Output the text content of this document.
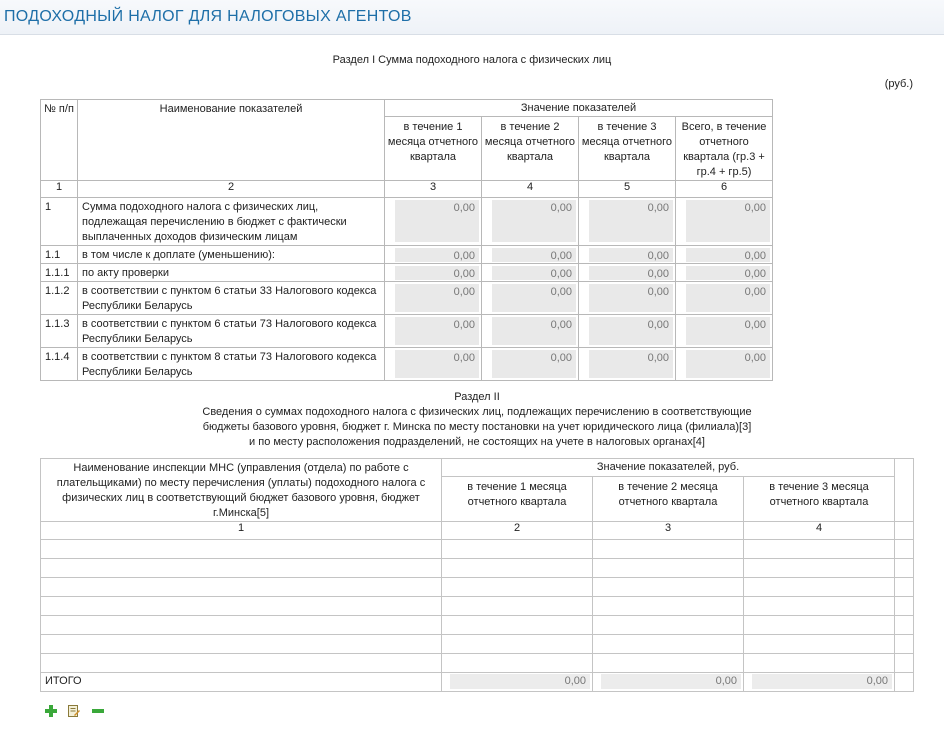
ПОДОХОДНЫЙ НАЛОГ ДЛЯ НАЛОГОВЫХ АГЕНТОВ
Раздел I Сумма подоходного налога с физических лиц
(руб.)
№ п/п	Наименование показателей	Значение показателей			
		в течение 1 месяца отчетного квартала	в течение 2 месяца отчетного квартала	в течение 3 месяца отчетного квартала	Всего, в течение отчетного квартала (гр.3 + гр.4 + гр.5)
1	2	3	4	5	6
1	Сумма подоходного налога с физических лиц, подлежащая перечислению в бюджет с фактически выплаченных доходов физическим лицам	0,00	0,00	0,00	0,00

1.1	в том числе к доплате (уменьшению):	0,00	0,00	0,00	0,00

1.1.1	по акту проверки	0,00	0,00	0,00	0,00

1.1.2	в соответствии с пунктом 6 статьи 33 Налогового кодекса Республики Беларусь	0,00	0,00	0,00	0,00

1.1.3	в соответствии с пунктом 6 статьи 73 Налогового кодекса Республики Беларусь	0,00	0,00	0,00	0,00

1.1.4	в соответствии с пунктом 8 статьи 73 Налогового кодекса Республики Беларусь	0,00	0,00	0,00	0,00
Раздел II
Сведения о суммах подоходного налога с физических лиц, подлежащих перечислению в соответствующие
бюджеты базового уровня, бюджет г. Минска по месту постановки на учет юридического лица (филиала)[3]
и по месту расположения подразделений, не состоящих на учете в налоговых органах[4]
Наименование инспекции МНС (управления (отдела) по работе с плательщиками) по месту перечисления (уплаты) подоходного налога с физических лиц в соответствующий бюджет базового уровня, бюджет г.Минска[5]	Значение показателей, руб.			
	в течение 1 месяца отчетного квартала	в течение 2 месяца отчетного квартала	в течение 3 месяца отчетного квартала	
1	2	3	4	

ИТОГО	0,00	0,00	0,00	
